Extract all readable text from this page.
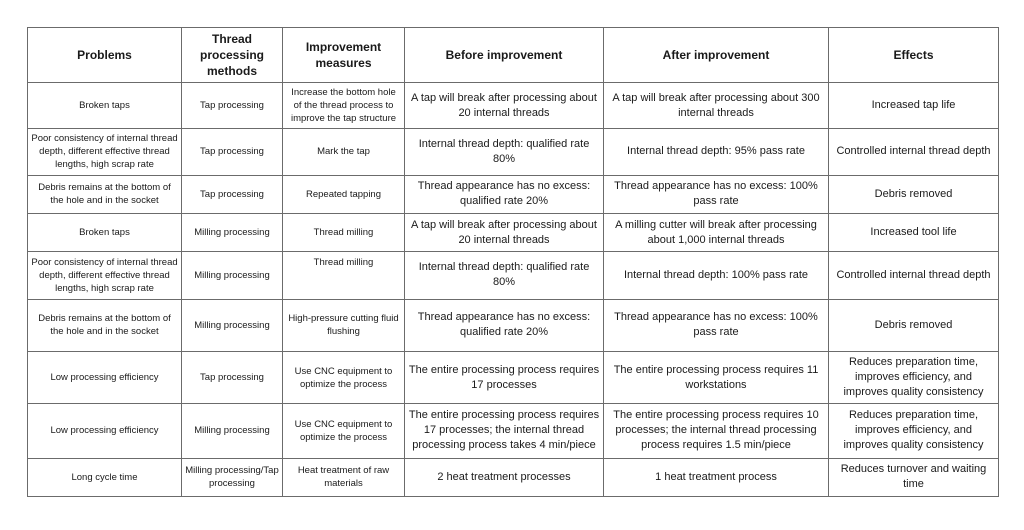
Problems	Thread processing methods	Improvement measures	Before improvement	After improvement	Effects
Broken taps	Tap processing	Increase the bottom hole of the thread process to improve the tap structure	A tap will break after processing about 20 internal threads	A tap will break after processing about 300 internal threads	Increased tap life
Poor consistency of internal thread depth, different effective thread lengths, high scrap rate	Tap processing	Mark the tap	Internal thread depth: qualified rate 80%	Internal thread depth: 95% pass rate	Controlled internal thread depth
Debris remains at the bottom of the hole and in the socket	Tap processing	Repeated tapping	Thread appearance has no excess: qualified rate 20%	Thread appearance has no excess: 100% pass rate	Debris removed
Broken taps	Milling processing	Thread milling	A tap will break after processing about 20 internal threads	A milling cutter will break after processing about 1,000 internal threads	Increased tool life
Poor consistency of internal thread depth, different effective thread lengths, high scrap rate	Milling processing	Thread milling	Internal thread depth: qualified rate 80%	Internal thread depth: 100% pass rate	Controlled internal thread depth
Debris remains at the bottom of the hole and in the socket	Milling processing	High-pressure cutting fluid flushing	Thread appearance has no excess: qualified rate 20%	Thread appearance has no excess: 100% pass rate	Debris removed
Low processing efficiency	Tap processing	Use CNC equipment to optimize the process	The entire processing process requires 17 processes	The entire processing process requires 11 workstations	Reduces preparation time, improves efficiency, and improves quality consistency
Low processing efficiency	Milling processing	Use CNC equipment to optimize the process	The entire processing process requires 17 processes; the internal thread processing process takes 4 min/piece	The entire processing process requires 10 processes; the internal thread processing process requires 1.5 min/piece	Reduces preparation time, improves efficiency, and improves quality consistency
Long cycle time	Milling processing/Tap processing	Heat treatment of raw materials	2 heat treatment processes	1 heat treatment process	Reduces turnover and waiting time
